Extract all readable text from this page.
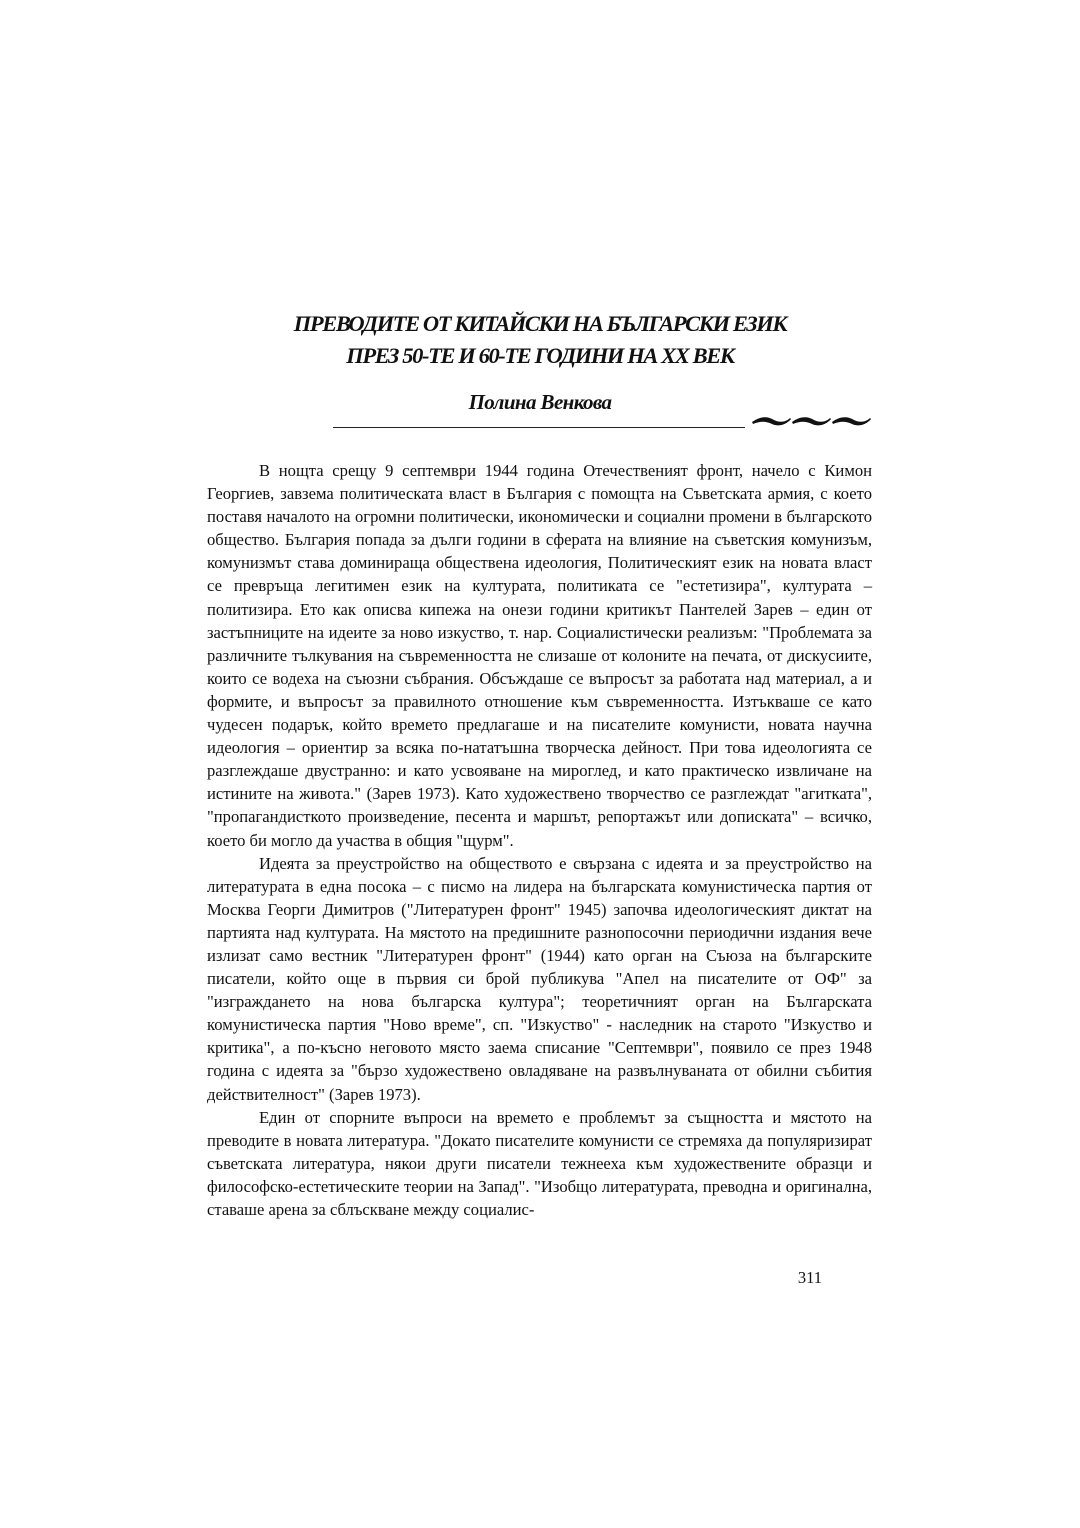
ПРЕВОДИТЕ ОТ КИТАЙСКИ НА БЪЛГАРСКИ ЕЗИК
ПРЕЗ 50-ТЕ И 60-ТЕ ГОДИНИ НА ХХ ВЕК
Полина Венкова

В нощта срещу 9 септември 1944 година Отечественият фронт, начело с Кимон Георгиев, завзема политическата власт в България с помощта на Съветската армия, с което поставя началото на огромни политически, икономически и социални промени в българското общество. България попада за дълги години в сферата на влияние на съветския комунизъм, комунизмът става доминираща обществена идеология, Политическият език на новата власт се превръща легитимен език на културата, политиката се "естетизира", културата – политизира. Ето как описва кипежа на онези години критикът Пантелей Зарев – един от застъпниците на идеите за ново изкуство, т. нар. Социалистически реализъм: "Проблемата за различните тълкувания на съвременността не слизаше от колоните на печата, от дискусиите, които се водеха на съюзни събрания. Обсъждаше се въпросът за работата над материал, а и формите, и въпросът за правилното отношение към съвременността. Изтъкваше се като чудесен подарък, който времето предлагаше и на писателите комунисти, новата научна идеология – ориентир за всяка по-нататъшна творческа дейност. При това идеологията се разглеждаше двустранно: и като усвояване на мироглед, и като практическо извличане на истините на живота." (Зарев 1973). Като художествено творчество се разглеждат "агитката", "пропагандисткото произведение, песента и маршът, репортажът или дописката" – всичко, което би могло да участва в общия "щурм".

Идеята за преустройство на обществото е свързана с идеята и за преустройство на литературата в една посока – с писмо на лидера на българската комунистическа партия от Москва Георги Димитров ("Литературен фронт" 1945) започва идеологическият диктат на партията над културата. На мястото на предишните разнопосочни периодични издания вече излизат само вестник "Литературен фронт" (1944) като орган на Съюза на българските писатели, който още в първия си брой публикува "Апел на писателите от ОФ" за "изграждането на нова българска култура"; теоретичният орган на Българската комунистическа партия "Ново време", сп. "Изкуство" - наследник на старото "Изкуство и критика", а по-късно неговото място заема списание "Септември", появило се през 1948 година с идеята за "бързо художествено овладяване на развълнуваната от обилни събития действителност" (Зарев 1973).

Един от спорните въпроси на времето е проблемът за същността и мястото на преводите в новата литература. "Докато писателите комунисти се стремяха да популяризират съветската литература, някои други писатели тежнееха към художествените образци и философско-естетическите теории на Запад". "Изобщо литературата, преводна и оригинална, ставаше арена за сблъскване между социалис-

311
